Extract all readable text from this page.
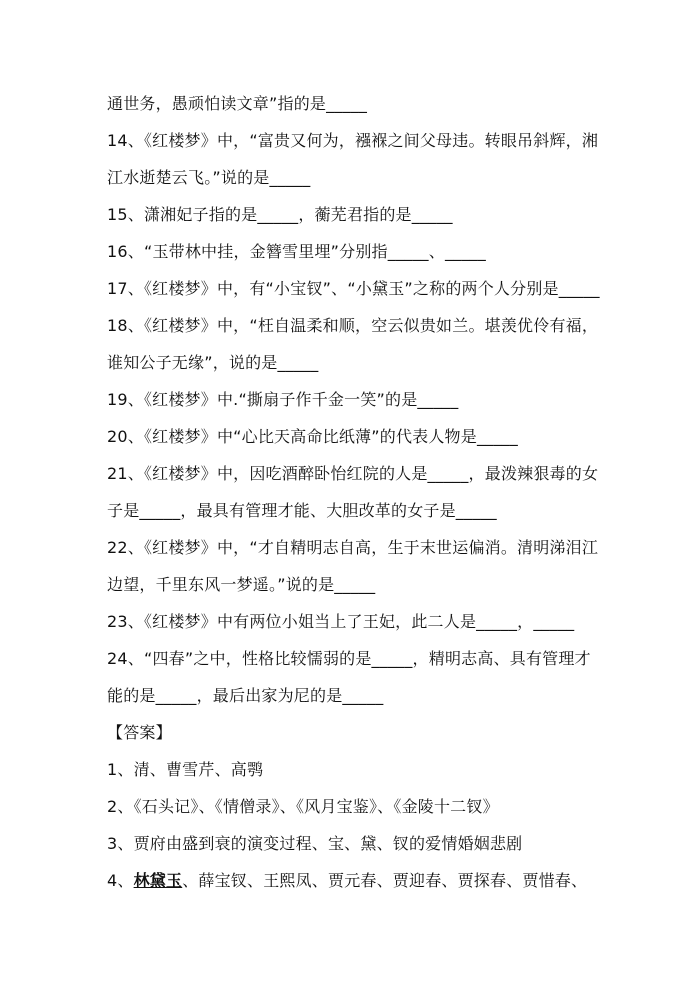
通世务，愚顽怕读文章”指的是_____
14、《红楼梦》中，“富贵又何为，襁褓之间父母违。转眼吊斜辉，湘
江水逝楚云飞。”说的是_____
15、潇湘妃子指的是_____，蘅芜君指的是_____
16、“玉带林中挂，金簪雪里埋”分别指_____、_____
17、《红楼梦》中，有“小宝钗”、“小黛玉”之称的两个人分别是_____
18、《红楼梦》中，“枉自温柔和顺，空云似贵如兰。堪羡优伶有福，
谁知公子无缘”，说的是_____
19、《红楼梦》中.“撕扇子作千金一笑”的是_____
20、《红楼梦》中“心比天高命比纸薄”的代表人物是_____
21、《红楼梦》中，因吃酒醉卧怡红院的人是_____，最泼辣狠毒的女
子是_____，最具有管理才能、大胆改革的女子是_____
22、《红楼梦》中，“才自精明志自高，生于末世运偏消。清明涕泪江
边望，千里东风一梦遥。”说的是_____
23、《红楼梦》中有两位小姐当上了王妃，此二人是_____，_____
24、“四春”之中，性格比较懦弱的是_____，精明志高、具有管理才
能的是_____，最后出家为尼的是_____
【答案】
1、清、曹雪芹、高鹗
2、《石头记》、《情僧录》、《风月宝鉴》、《金陵十二钗》
3、贾府由盛到衰的演变过程、宝、黛、钗的爱情婚姻悲剧
4、林黛玉、薛宝钗、王熙凤、贾元春、贾迎春、贾探春、贾惜春、
